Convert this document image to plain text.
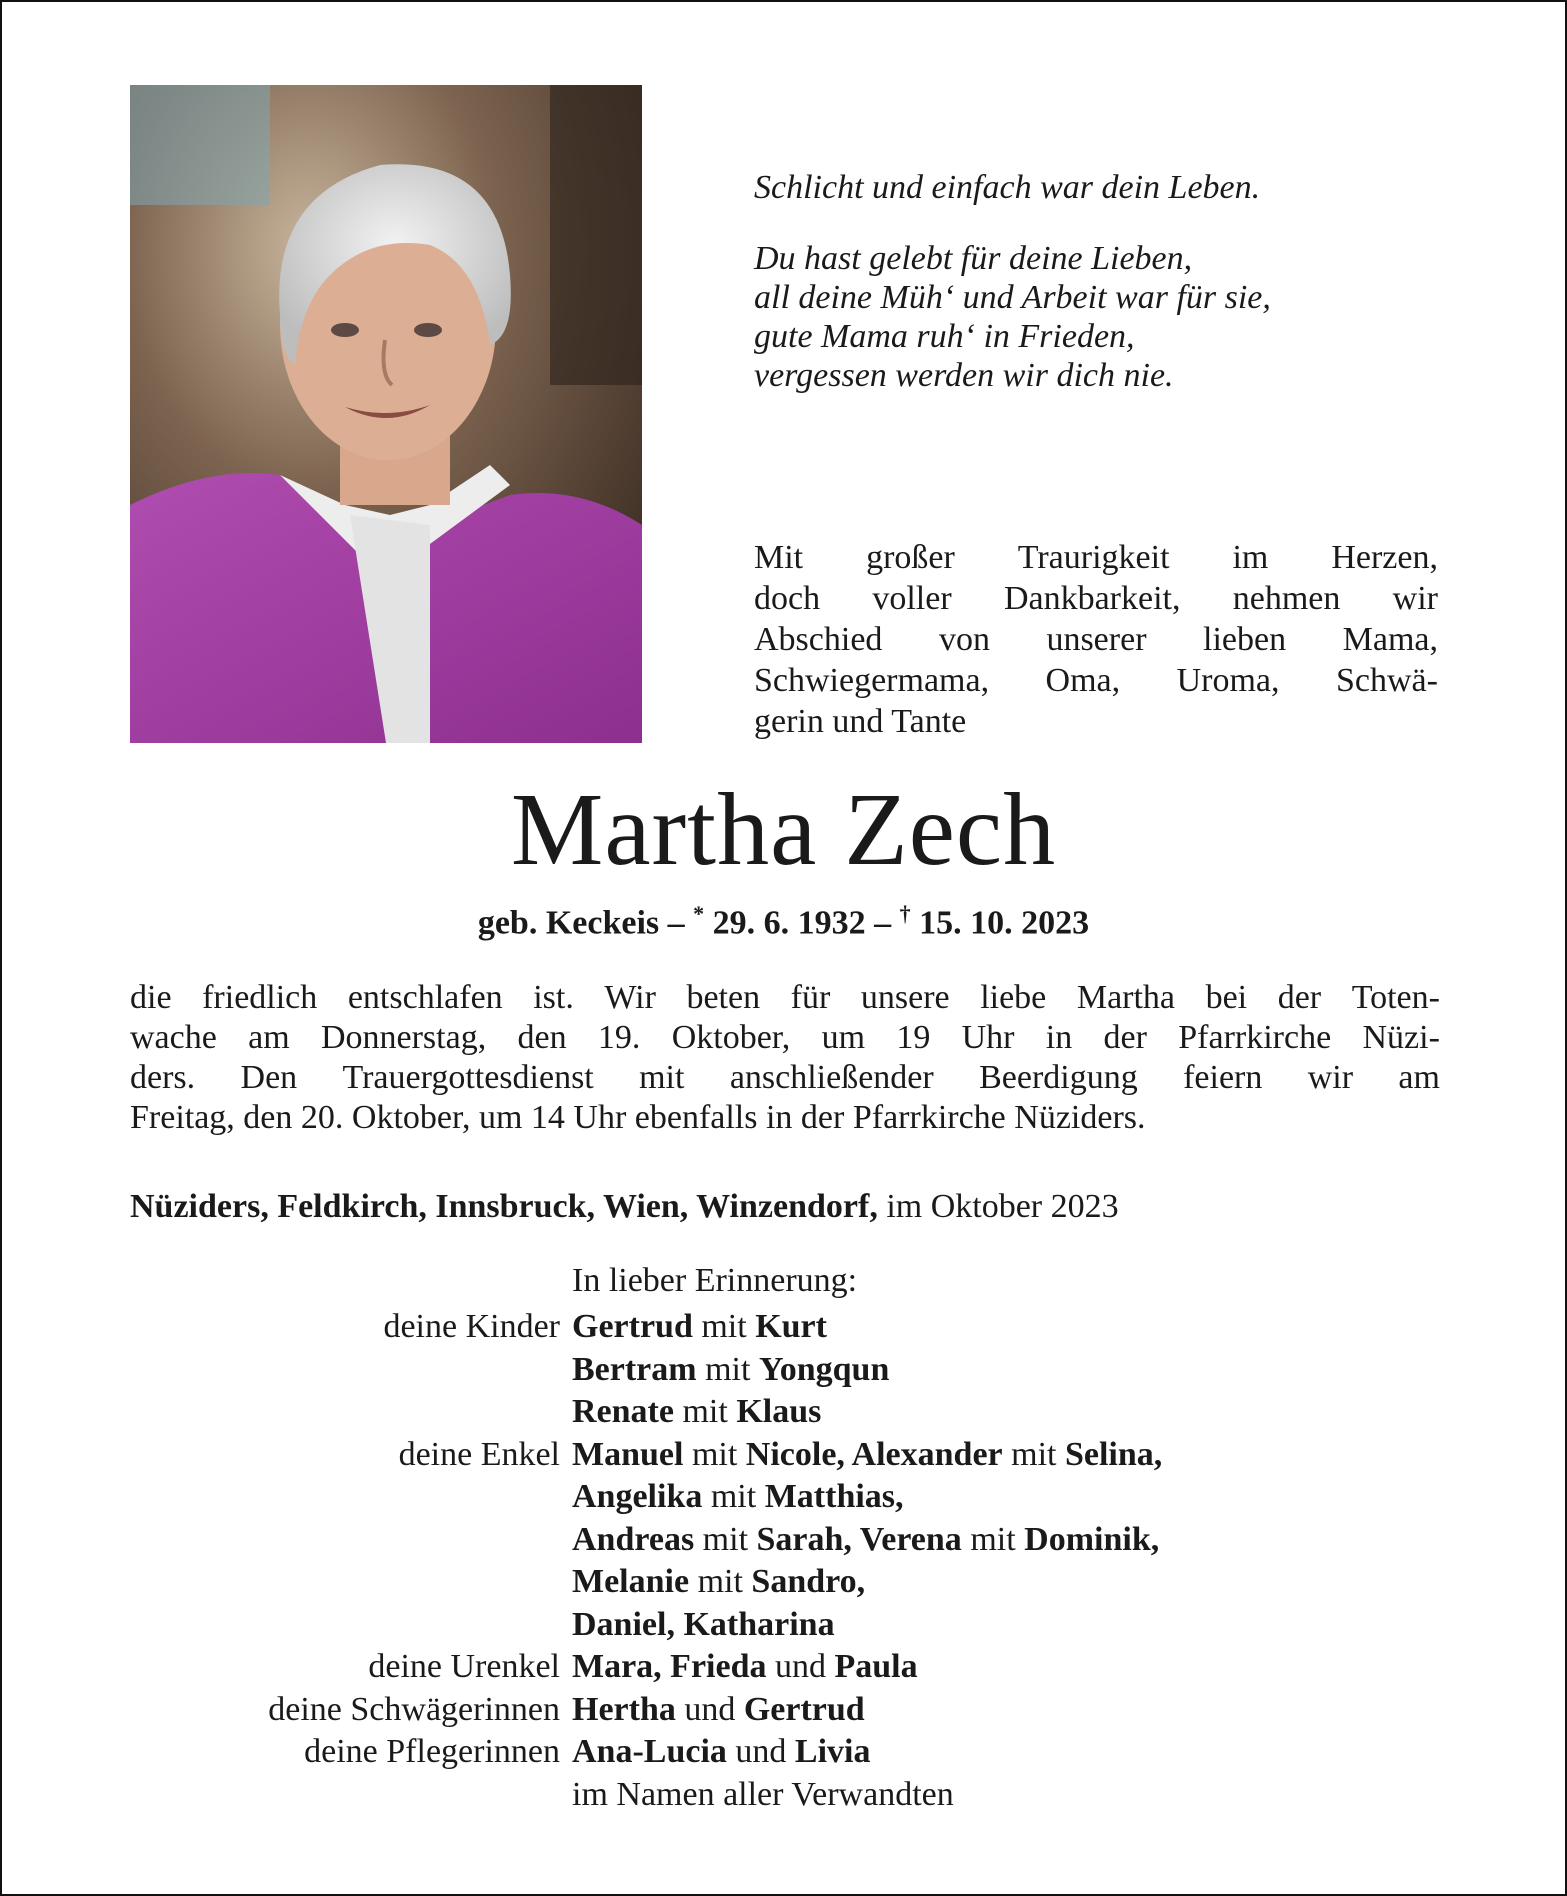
Schlicht und einfach war dein Leben.
Du hast gelebt für deine Lieben,
all deine Müh‘ und Arbeit war für sie,
gute Mama ruh‘ in Frieden,
vergessen werden wir dich nie.
Mit großer Traurigkeit im Herzen,
doch voller Dankbarkeit, nehmen wir
Abschied von unserer lieben Mama,
Schwiegermama, Oma, Uroma, Schwä-
gerin und Tante
Martha Zech
geb. Keckeis – * 29. 6. 1932 – † 15. 10. 2023
die friedlich entschlafen ist. Wir beten für unsere liebe Martha bei der Toten-
wache am Donnerstag, den 19. Oktober, um 19 Uhr in der Pfarrkirche Nüzi-
ders. Den Trauergottesdienst mit anschließender Beerdigung feiern wir am
Freitag, den 20. Oktober, um 14 Uhr ebenfalls in der Pfarrkirche Nüziders.
Nüziders, Feldkirch, Innsbruck, Wien, Winzendorf, im Oktober 2023
In lieber Erinnerung:
deine Kinder Gertrud mit Kurt
Bertram mit Yongqun
Renate mit Klaus
deine Enkel Manuel mit Nicole, Alexander mit Selina,
Angelika mit Matthias,
Andreas mit Sarah, Verena mit Dominik,
Melanie mit Sandro,
Daniel, Katharina
deine Urenkel Mara, Frieda und Paula
deine Schwägerinnen Hertha und Gertrud
deine Pflegerinnen Ana-Lucia und Livia
im Namen aller Verwandten
